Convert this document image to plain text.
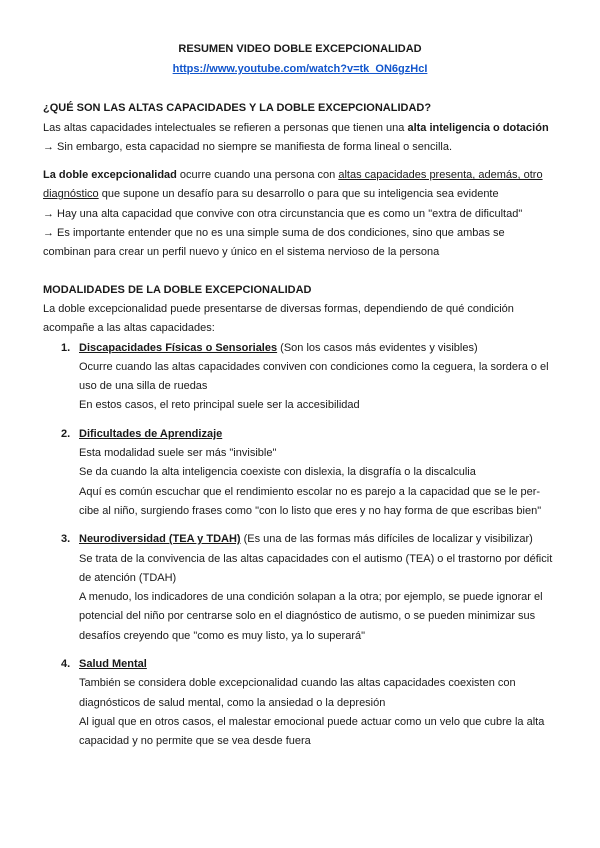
RESUMEN VIDEO DOBLE EXCEPCIONALIDAD
https://www.youtube.com/watch?v=tk_ON6gzHcI
¿QUÉ SON LAS ALTAS CAPACIDADES Y LA DOBLE EXCEPCIONALIDAD?
Las altas capacidades intelectuales se refieren a personas que tienen una alta inteligencia o dotación
→ Sin embargo, esta capacidad no siempre se manifiesta de forma lineal o sencilla.
La doble excepcionalidad ocurre cuando una persona con altas capacidades presenta, además, otro
diagnóstico que supone un desafío para su desarrollo o para que su inteligencia sea evidente
→ Hay una alta capacidad que convive con otra circunstancia que es como un "extra de dificultad"
→ Es importante entender que no es una simple suma de dos condiciones, sino que ambas se
combinan para crear un perfil nuevo y único en el sistema nervioso de la persona
MODALIDADES DE LA DOBLE EXCEPCIONALIDAD
La doble excepcionalidad puede presentarse de diversas formas, dependiendo de qué condición
acompañe a las altas capacidades:
1. Discapacidades Físicas o Sensoriales (Son los casos más evidentes y visibles)
Ocurre cuando las altas capacidades conviven con condiciones como la ceguera, la sordera o el
uso de una silla de ruedas
En estos casos, el reto principal suele ser la accesibilidad
2. Dificultades de Aprendizaje
Esta modalidad suele ser más "invisible"
Se da cuando la alta inteligencia coexiste con dislexia, la disgrafía o la discalculia
Aquí es común escuchar que el rendimiento escolar no es parejo a la capacidad que se le per-
cibe al niño, surgiendo frases como "con lo listo que eres y no hay forma de que escribas bien"
3. Neurodiversidad (TEA y TDAH) (Es una de las formas más difíciles de localizar y visibilizar)
Se trata de la convivencia de las altas capacidades con el autismo (TEA) o el trastorno por déficit
de atención (TDAH)
A menudo, los indicadores de una condición solapan a la otra; por ejemplo, se puede ignorar el
potencial del niño por centrarse solo en el diagnóstico de autismo, o se pueden minimizar sus
desafíos creyendo que "como es muy listo, ya lo superará"
4. Salud Mental
También se considera doble excepcionalidad cuando las altas capacidades coexisten con
diagnósticos de salud mental, como la ansiedad o la depresión
Al igual que en otros casos, el malestar emocional puede actuar como un velo que cubre la alta
capacidad y no permite que se vea desde fuera
